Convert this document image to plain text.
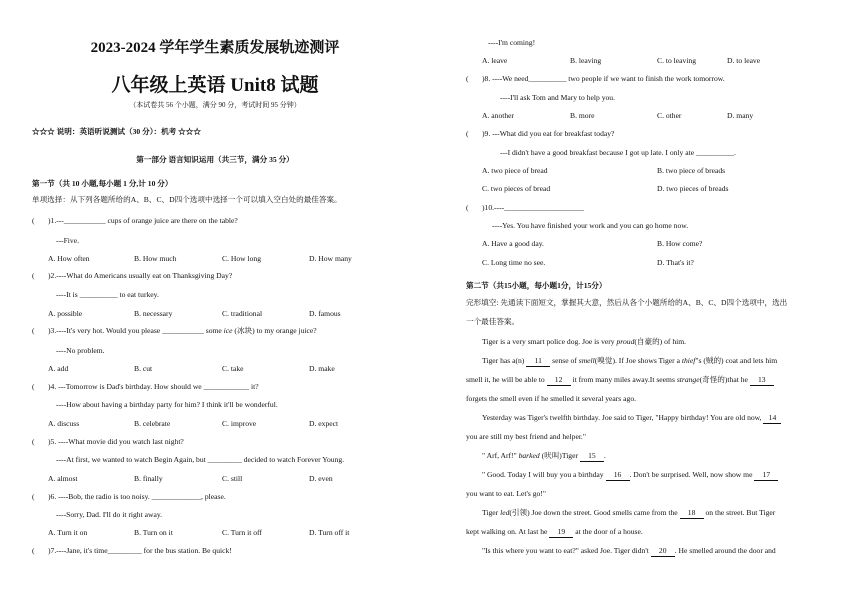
2023-2024 学年学生素质发展轨迹测评
八年级上英语 Unit8 试题
（本试卷共 56 个小题，满分 90 分，考试时间 95 分钟）
☆☆☆ 说明：英语听说测试（30 分）：机考 ☆☆☆
第一部分 语言知识运用（共三节，满分 35 分）
第一节（共 10 小题,每小题 1 分,计 10 分）
单项选择：从下列各题所给的A、B、C、D四个选项中选择一个可以填入空白处的最佳答案。
( )1.---___________ cups of orange juice are there on the table?
---Five.
A. How often	B. How much	C. How long	D. How many
( )2.----What do Americans usually eat on Thanksgiving Day?
----It is __________ to eat turkey.
A. possible	B. necessary	C. traditional	D. famous
( )3.----It's very hot. Would you please ___________ some ice (冰块) to my orange juice?
----No problem.
A. add	B. cut	C. take	D. make
( )4. ---Tomorrow is Dad's birthday. How should we ____________ it?
----How about having a birthday party for him? I think it'll be wonderful.
A. discuss	B. celebrate	C. improve	D. expect
( )5. ----What movie did you watch last night?
----At first, we wanted to watch Begin Again, but _________ decided to watch Forever Young.
A. almost	B. finally	C. still	D. even
( )6. ----Bob, the radio is too noisy. _____________, please.
----Sorry, Dad. I'll do it right away.
A. Turn it on	B. Turn on it	C. Turn it off	D. Turn off it
( )7.----Jane, it's time_________ for the bus station. Be quick!
----I'm coming!
A. leave	B. leaving	C. to leaving	D. to leave
( )8. ----We need__________ two people if we want to finish the work tomorrow.
----I'll ask Tom and Mary to help you.
A. another	B. more	C. other	D. many
( )9. ---What did you eat for breakfast today?
---I didn't have a good breakfast because I got up late. I only ate __________.
A. two piece of bread	B. two piece of breads
C. two pieces of bread	D. two pieces of breads
( )10.----_____________________
----Yes. You have finished your work and you can go home now.
A. Have a good day.	B. How come?
C. Long time no see.	D. That's it?
第二节（共15小题，每小题1分，计15分）
完形填空: 先通读下面短文，掌握其大意，然后从各个小题所给的A、B、C、D四个选项中，选出
一个最佳答案。
Tiger is a very smart police dog. Joe is very proud(自豪的) of him.
Tiger has a(n) 11 sense of smell(嗅觉). If Joe shows Tiger a thief"s (贼的) coat and lets him
smell it, he will be able to 12 it from many miles away.It seems strange(奇怪的)that he 13
forgets the smell even if he smelled it several years ago.
Yesterday was Tiger's twelfth birthday. Joe said to Tiger, "Happy birthday! You are old now, 14
you are still my best friend and helper."
" Arf, Arf!" barked (吠叫)Tiger 15 .
" Good. Today I will buy you a birthday 16 . Don't be surprised. Well, now show me 17
you want to eat. Let's go!"
Tiger led(引领) Joe down the street. Good smells came from the 18 on the street. But Tiger
kept walking on. At last he 19 at the door of a house.
"Is this where you want to eat?" asked Joe. Tiger didn't 20 . He smelled around the door and
